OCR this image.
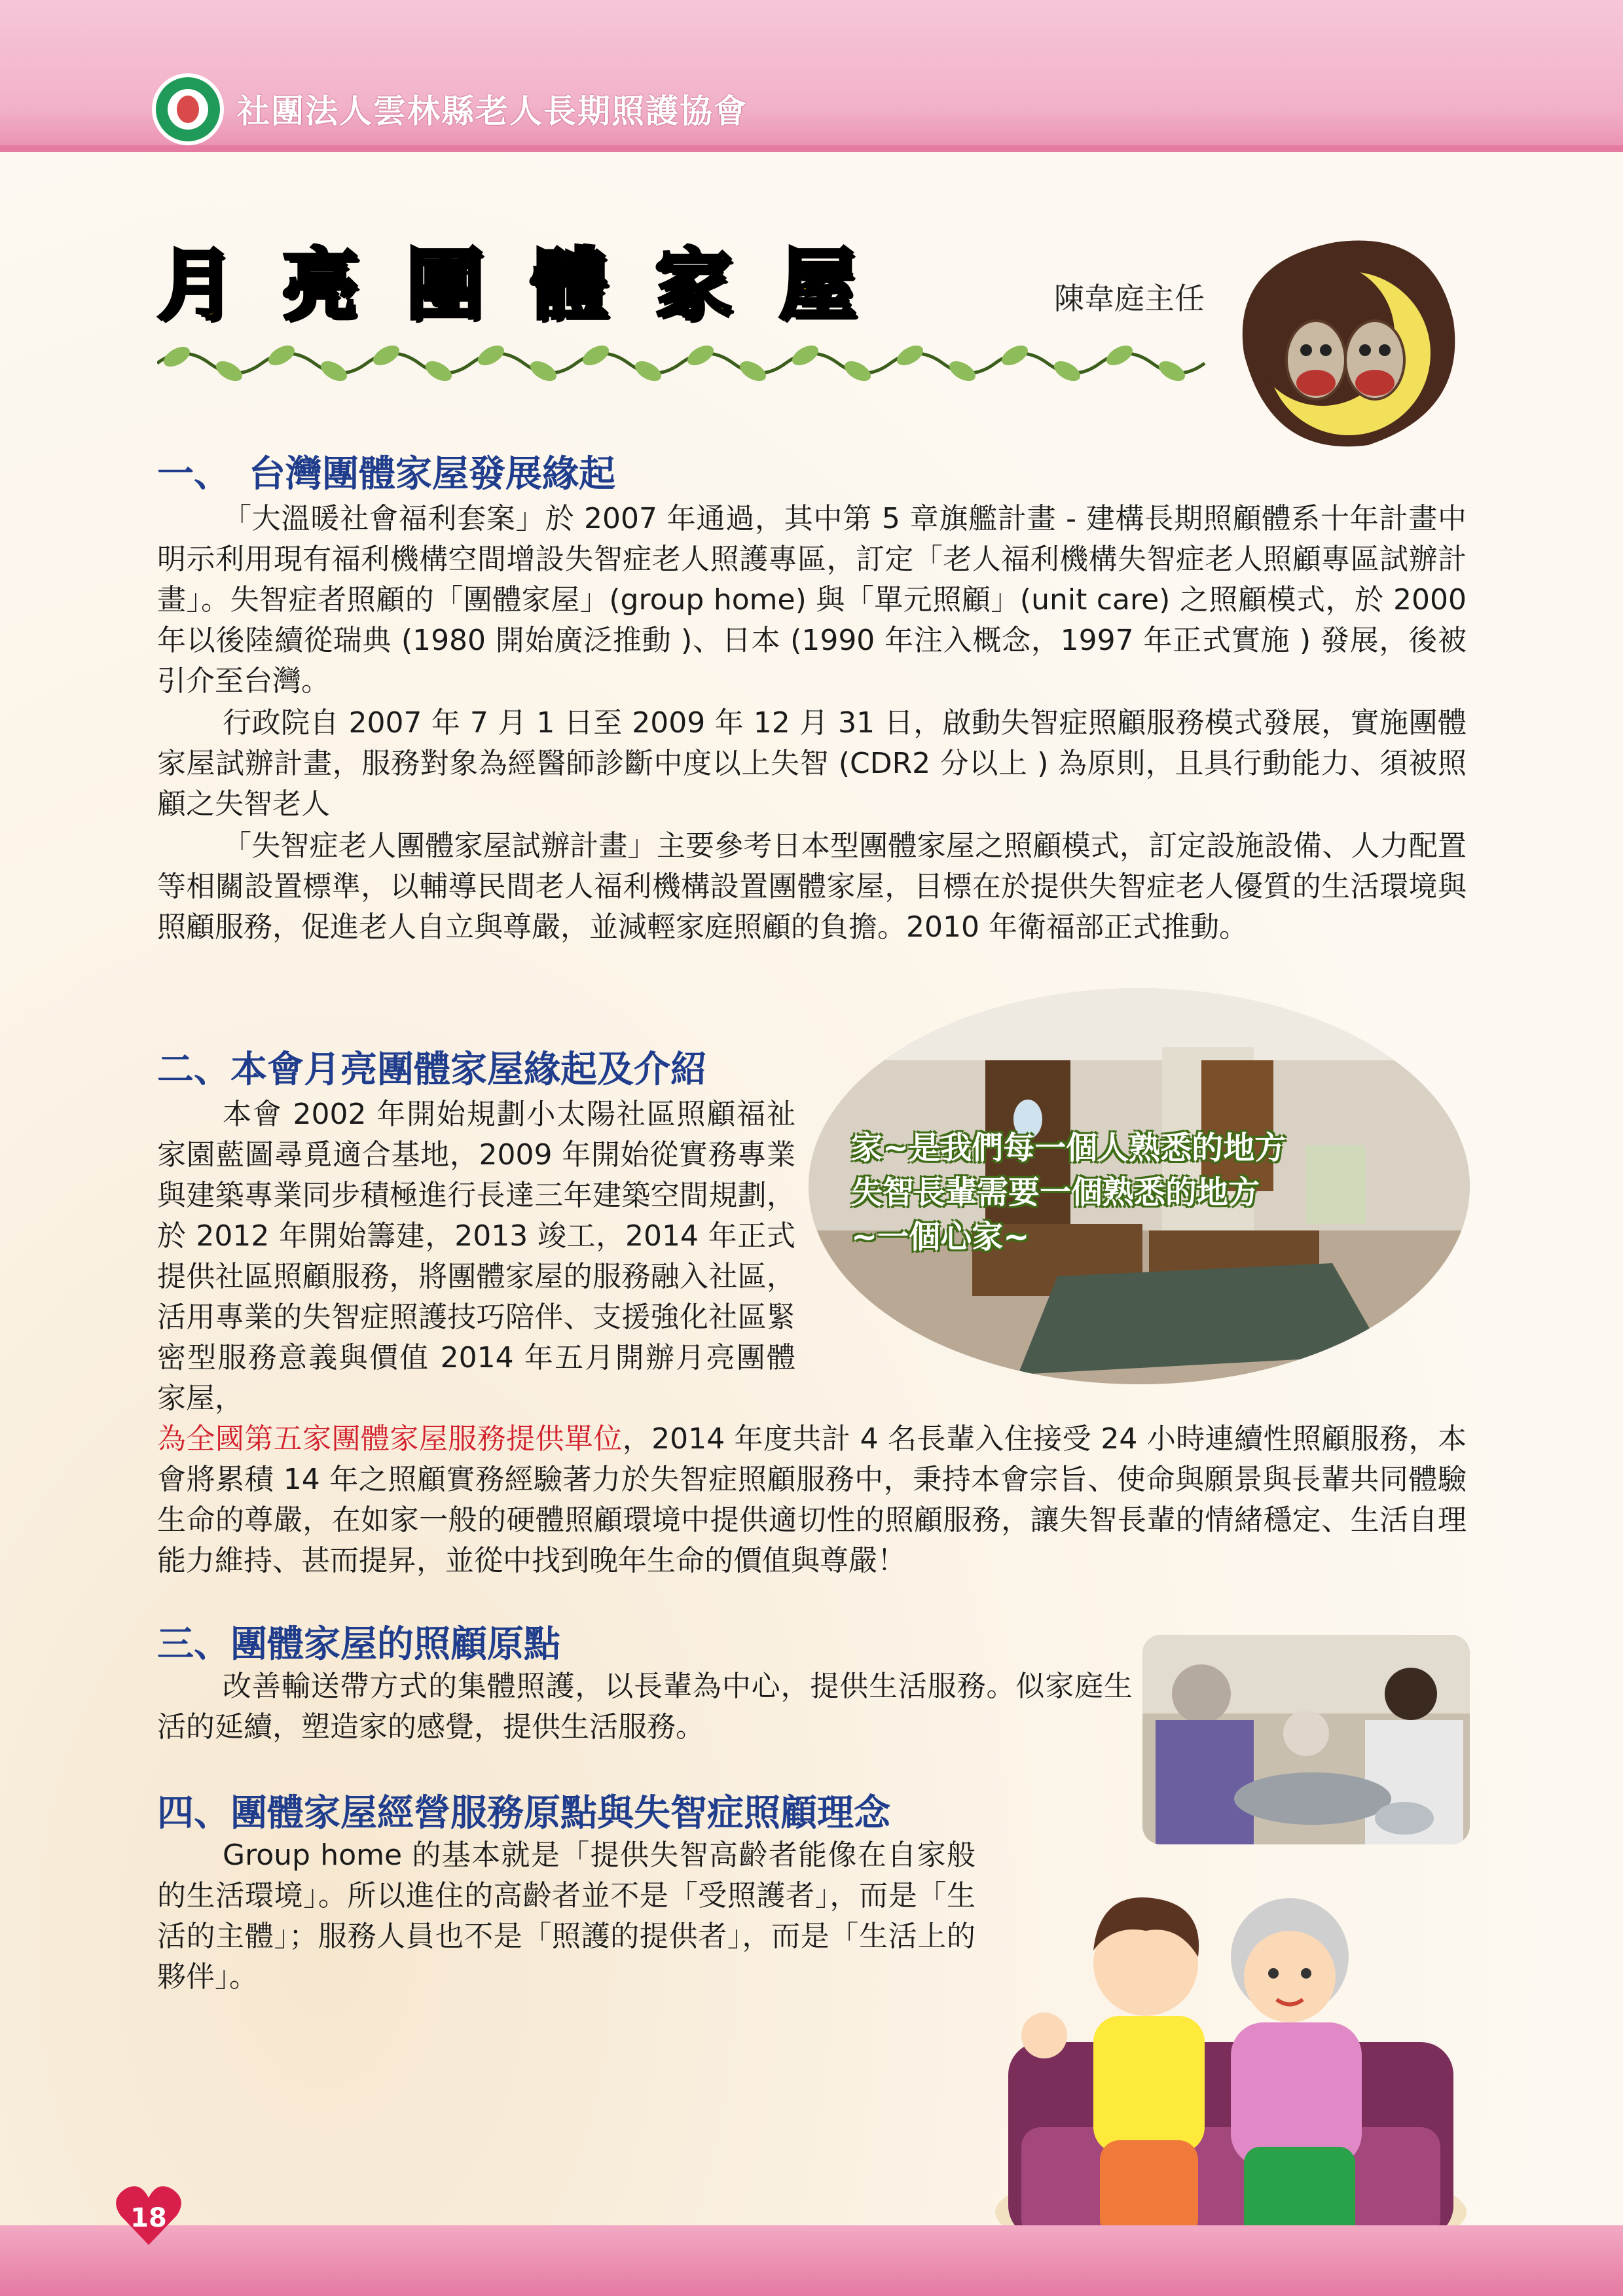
社團法人雲林縣老人長期照護協會
月亮團體家屋	陳韋庭主任
一、　台灣團體家屋發展緣起
「大溫暖社會福利套案」於 2007 年通過，其中第 5 章旗艦計畫 - 建構長期照顧體系十年計畫中明示利用現有福利機構空間增設失智症老人照護專區，訂定「老人福利機構失智症老人照顧專區試辦計畫」。失智症者照顧的「團體家屋」(group home) 與「單元照顧」(unit care) 之照顧模式，於 2000 年以後陸續從瑞典 (1980 開始廣泛推動 )、日本 (1990 年注入概念，1997 年正式實施 ) 發展，後被引介至台灣。
行政院自 2007 年 7 月 1 日至 2009 年 12 月 31 日，啟動失智症照顧服務模式發展，實施團體家屋試辦計畫，服務對象為經醫師診斷中度以上失智 (CDR2 分以上 ) 為原則，且具行動能力、須被照顧之失智老人
「失智症老人團體家屋試辦計畫」主要參考日本型團體家屋之照顧模式，訂定設施設備、人力配置等相關設置標準，以輔導民間老人福利機構設置團體家屋，目標在於提供失智症老人優質的生活環境與照顧服務，促進老人自立與尊嚴，並減輕家庭照顧的負擔。2010 年衛福部正式推動。
二、本會月亮團體家屋緣起及介紹
家~是我們每一個人熟悉的地方
失智長輩需要一個熟悉的地方
~一個心家~
本會 2002 年開始規劃小太陽社區照顧福祉家園藍圖尋覓適合基地，2009 年開始從實務專業與建築專業同步積極進行長達三年建築空間規劃，於 2012 年開始籌建，2013 竣工，2014 年正式提供社區照顧服務，將團體家屋的服務融入社區，活用專業的失智症照護技巧陪伴、支援強化社區緊密型服務意義與價值 2014 年五月開辦月亮團體家屋，
為全國第五家團體家屋服務提供單位，2014 年度共計 4 名長輩入住接受 24 小時連續性照顧服務，本會將累積 14 年之照顧實務經驗著力於失智症照顧服務中，秉持本會宗旨、使命與願景與長輩共同體驗生命的尊嚴，在如家一般的硬體照顧環境中提供適切性的照顧服務，讓失智長輩的情緒穩定、生活自理能力維持、甚而提昇，並從中找到晚年生命的價值與尊嚴！
三、團體家屋的照顧原點
改善輸送帶方式的集體照護，以長輩為中心，提供生活服務。似家庭生活的延續，塑造家的感覺，提供生活服務。
四、團體家屋經營服務原點與失智症照顧理念
Group home 的基本就是「提供失智高齡者能像在自家般的生活環境」。所以進住的高齡者並不是「受照護者」，而是「生活的主體」；服務人員也不是「照護的提供者」，而是「生活上的夥伴」。
18
